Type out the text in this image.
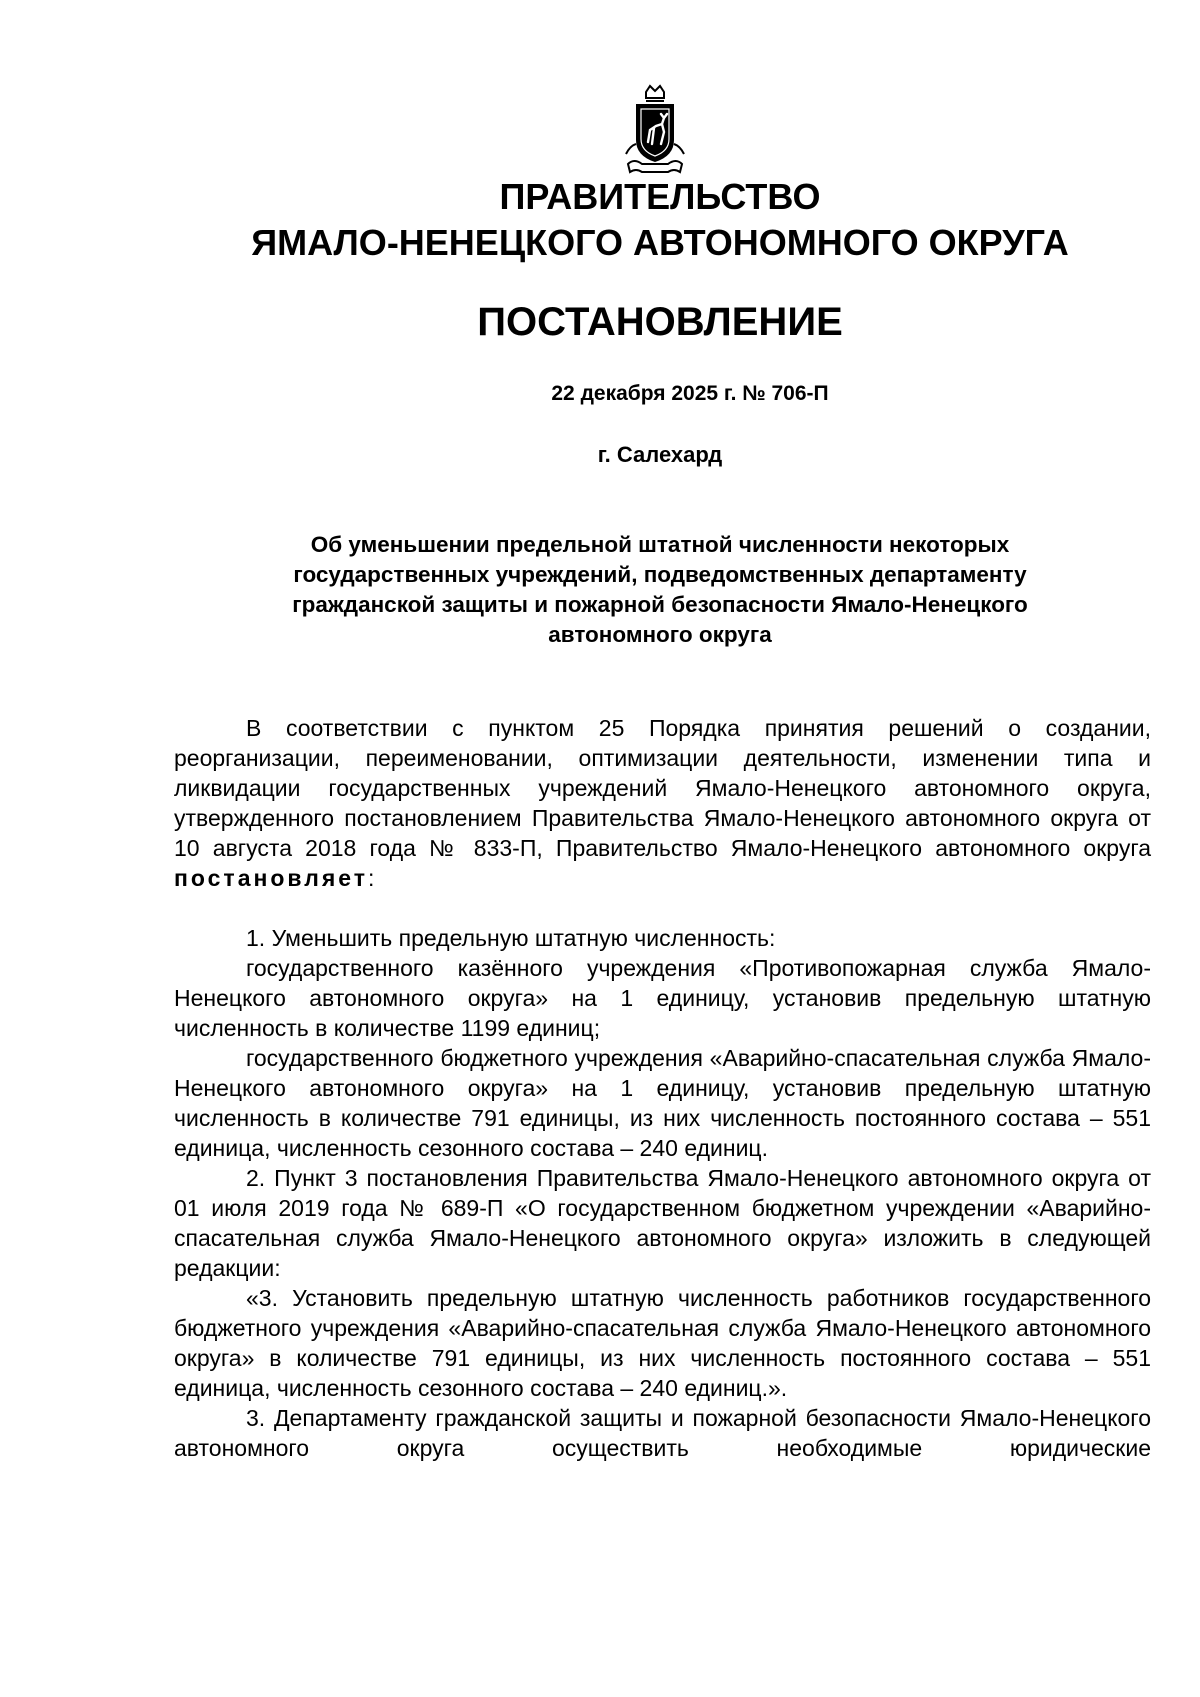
ПРАВИТЕЛЬСТВО
ЯМАЛО-НЕНЕЦКОГО АВТОНОМНОГО ОКРУГА
ПОСТАНОВЛЕНИЕ
22 декабря 2025 г. № 706-П
г. Салехард
Об уменьшении предельной штатной численности некоторых государственных учреждений, подведомственных департаменту гражданской защиты и пожарной безопасности Ямало-Ненецкого автономного округа

В соответствии с пунктом 25 Порядка принятия решений о создании, реорганизации, переименовании, оптимизации деятельности, изменении типа и ликвидации государственных учреждений Ямало-Ненецкого автономного округа, утвержденного постановлением Правительства Ямало-Ненецкого автономного округа от 10 августа 2018 года № 833-П, Правительство Ямало-Ненецкого автономного округа постановляет:

1. Уменьшить предельную штатную численность:

государственного казённого учреждения «Противопожарная служба Ямало-Ненецкого автономного округа» на 1 единицу, установив предельную штатную численность в количестве 1199 единиц;

государственного бюджетного учреждения «Аварийно-спасательная служба Ямало-Ненецкого автономного округа» на 1 единицу, установив предельную штатную численность в количестве 791 единицы, из них численность постоянного состава – 551 единица, численность сезонного состава – 240 единиц.

2. Пункт 3 постановления Правительства Ямало-Ненецкого автономного округа от 01 июля 2019 года № 689-П «О государственном бюджетном учреждении «Аварийно-спасательная служба Ямало-Ненецкого автономного округа» изложить в следующей редакции:

«3. Установить предельную штатную численность работников государственного бюджетного учреждения «Аварийно-спасательная служба Ямало-Ненецкого автономного округа» в количестве 791 единицы, из них численность постоянного состава – 551 единица, численность сезонного состава – 240 единиц.».

3. Департаменту гражданской защиты и пожарной безопасности Ямало-Ненецкого автономного округа осуществить необходимые юридические
